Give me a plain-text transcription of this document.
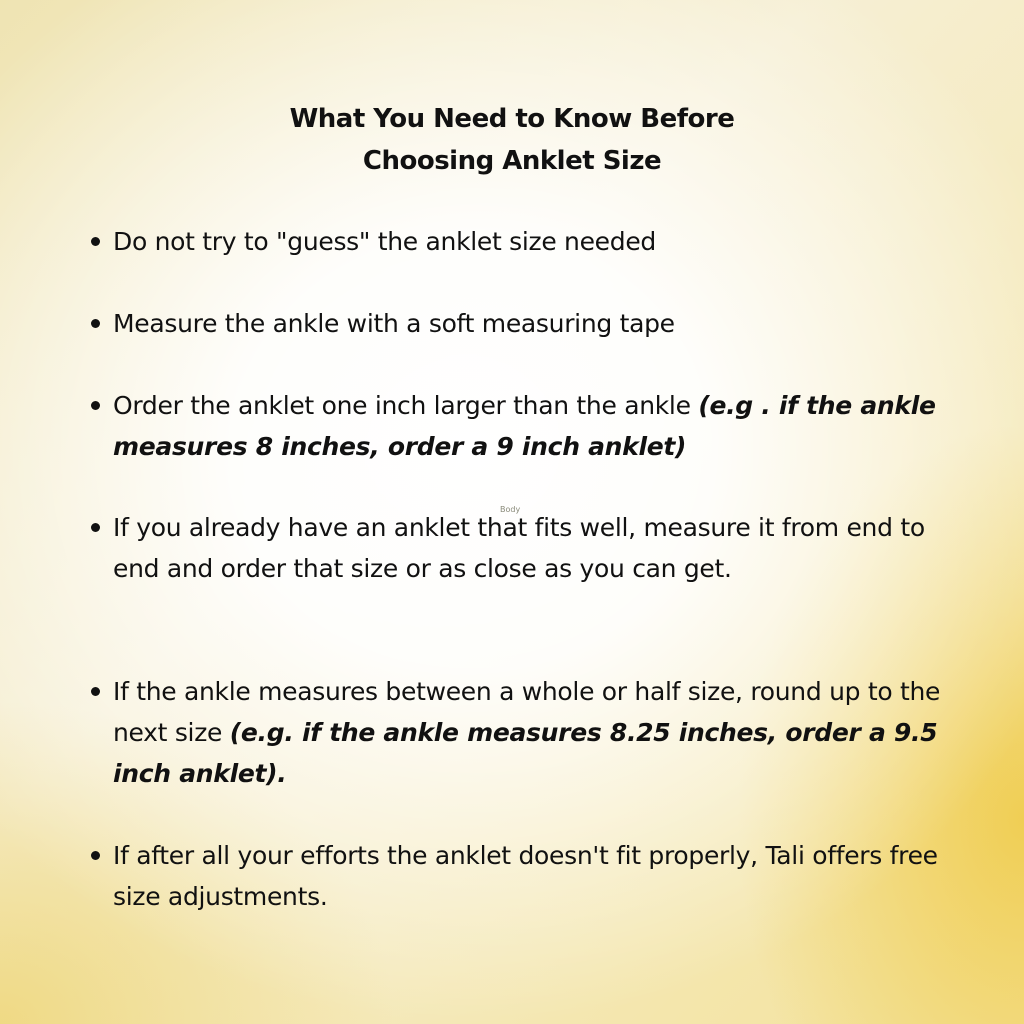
What You Need to Know Before
Choosing Anklet Size
Body
Do not try to "guess" the anklet size needed
Measure the ankle with a soft measuring tape
Order the anklet one inch larger than the ankle (e.g . if the ankle measures 8 inches, order a 9 inch anklet)
If you already have an anklet that fits well, measure it from end to end and order that size or as close as you can get.
If the ankle measures between a whole or half size, round up to the next size (e.g. if the ankle measures 8.25 inches, order a 9.5 inch anklet).
If after all your efforts the anklet doesn't fit properly, Tali offers free size adjustments.
